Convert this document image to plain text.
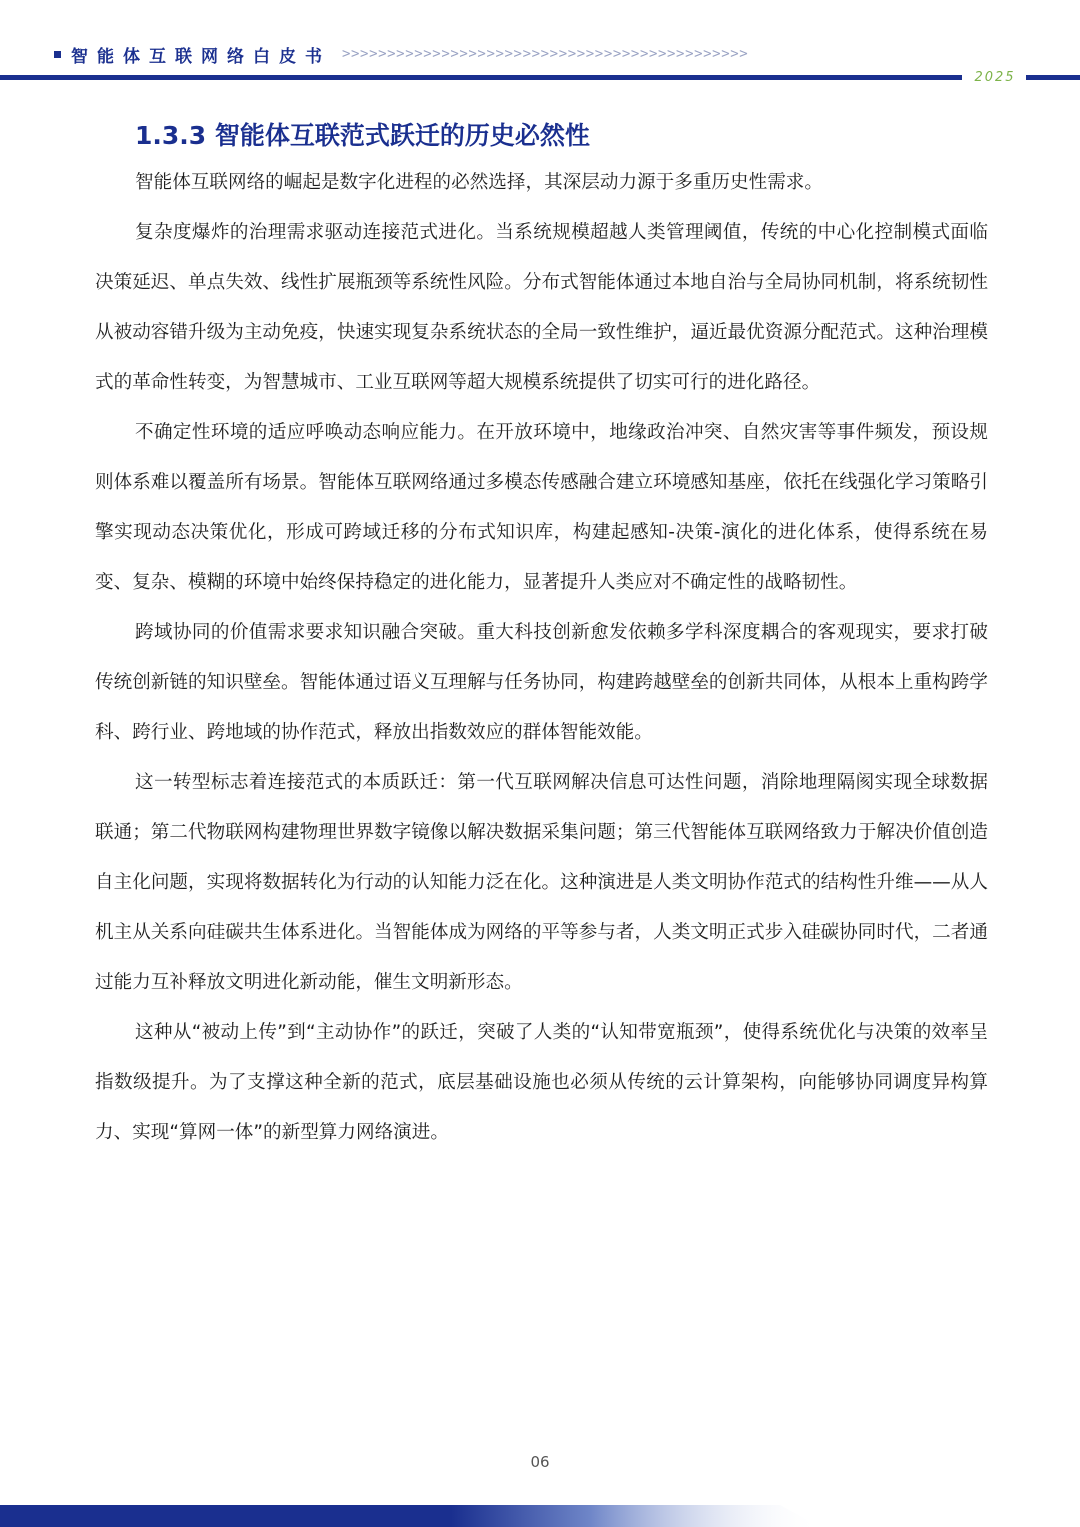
智能体互联网络白皮书 >>>>>>>>>>>>>>>>>>>>>>>>>>>>>>>>>>>>>>>>>>>>>
2025
1.3.3 智能体互联范式跃迁的历史必然性

智能体互联网络的崛起是数字化进程的必然选择，其深层动力源于多重历史性需求。

复杂度爆炸的治理需求驱动连接范式进化。当系统规模超越人类管理阈值，传统的中心化控制模式面临决策延迟、单点失效、线性扩展瓶颈等系统性风险。分布式智能体通过本地自治与全局协同机制，将系统韧性从被动容错升级为主动免疫，快速实现复杂系统状态的全局一致性维护，逼近最优资源分配范式。这种治理模式的革命性转变，为智慧城市、工业互联网等超大规模系统提供了切实可行的进化路径。

不确定性环境的适应呼唤动态响应能力。在开放环境中，地缘政治冲突、自然灾害等事件频发，预设规则体系难以覆盖所有场景。智能体互联网络通过多模态传感融合建立环境感知基座，依托在线强化学习策略引擎实现动态决策优化，形成可跨域迁移的分布式知识库，构建起感知-决策-演化的进化体系，使得系统在易变、复杂、模糊的环境中始终保持稳定的进化能力，显著提升人类应对不确定性的战略韧性。

跨域协同的价值需求要求知识融合突破。重大科技创新愈发依赖多学科深度耦合的客观现实，要求打破传统创新链的知识壁垒。智能体通过语义互理解与任务协同，构建跨越壁垒的创新共同体，从根本上重构跨学科、跨行业、跨地域的协作范式，释放出指数效应的群体智能效能。

这一转型标志着连接范式的本质跃迁：第一代互联网解决信息可达性问题，消除地理隔阂实现全球数据联通；第二代物联网构建物理世界数字镜像以解决数据采集问题；第三代智能体互联网络致力于解决价值创造自主化问题，实现将数据转化为行动的认知能力泛在化。这种演进是人类文明协作范式的结构性升维——从人机主从关系向硅碳共生体系进化。当智能体成为网络的平等参与者，人类文明正式步入硅碳协同时代，二者通过能力互补释放文明进化新动能，催生文明新形态。

这种从“被动上传”到“主动协作”的跃迁，突破了人类的“认知带宽瓶颈”，使得系统优化与决策的效率呈指数级提升。为了支撑这种全新的范式，底层基础设施也必须从传统的云计算架构，向能够协同调度异构算力、实现“算网一体”的新型算力网络演进。

06
